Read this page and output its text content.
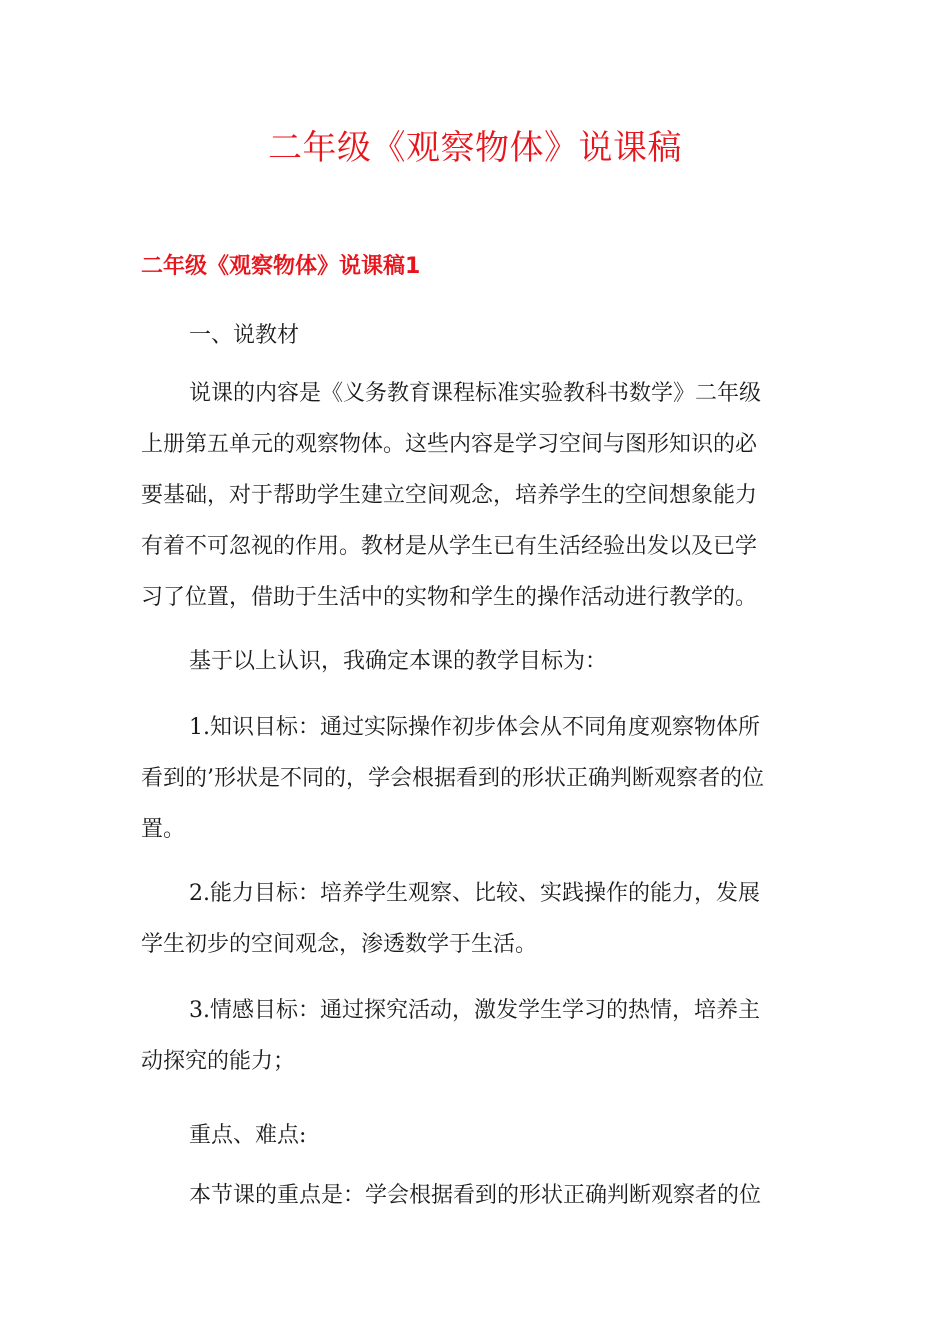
二年级《观察物体》说课稿
二年级《观察物体》说课稿1

一、说教材

说课的内容是《义务教育课程标准实验教科书数学》二年级
上册第五单元的观察物体。这些内容是学习空间与图形知识的必
要基础，对于帮助学生建立空间观念，培养学生的空间想象能力
有着不可忽视的作用。教材是从学生已有生活经验出发以及已学
习了位置，借助于生活中的实物和学生的操作活动进行教学的。

基于以上认识，我确定本课的教学目标为：

1.知识目标：通过实际操作初步体会从不同角度观察物体所
看到的’形状是不同的，学会根据看到的形状正确判断观察者的位
置。

2.能力目标：培养学生观察、比较、实践操作的能力，发展
学生初步的空间观念，渗透数学于生活。

3.情感目标：通过探究活动，激发学生学习的热情，培养主
动探究的能力；

重点、难点:

本节课的重点是：学会根据看到的形状正确判断观察者的位
